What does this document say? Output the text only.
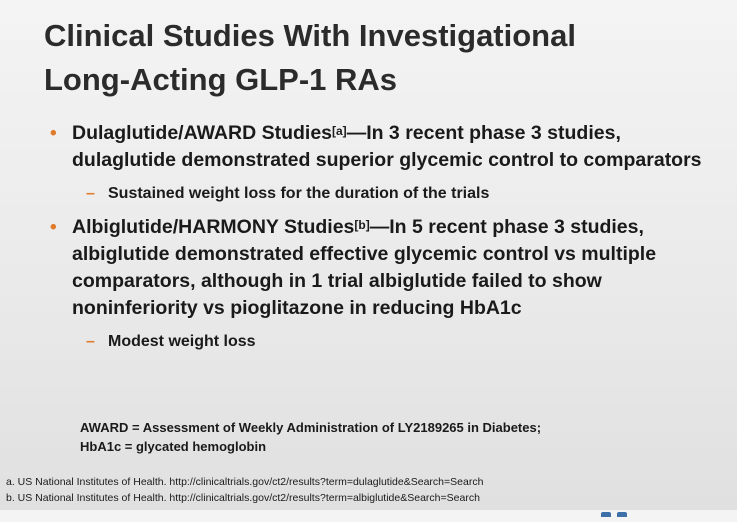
Clinical Studies With Investigational
Long-Acting GLP-1 RAs
• Dulaglutide/AWARD Studies[a]—In 3 recent phase 3 studies, dulaglutide demonstrated superior glycemic control to comparators
– Sustained weight loss for the duration of the trials
• Albiglutide/HARMONY Studies[b]—In 5 recent phase 3 studies, albiglutide demonstrated effective glycemic control vs multiple comparators, although in 1 trial albiglutide failed to show noninferiority vs pioglitazone in reducing HbA1c
– Modest weight loss
AWARD = Assessment of Weekly Administration of LY2189265 in Diabetes;
HbA1c = glycated hemoglobin
a. US National Institutes of Health. http://clinicaltrials.gov/ct2/results?term=dulaglutide&Search=Search
b. US National Institutes of Health. http://clinicaltrials.gov/ct2/results?term=albiglutide&Search=Search
